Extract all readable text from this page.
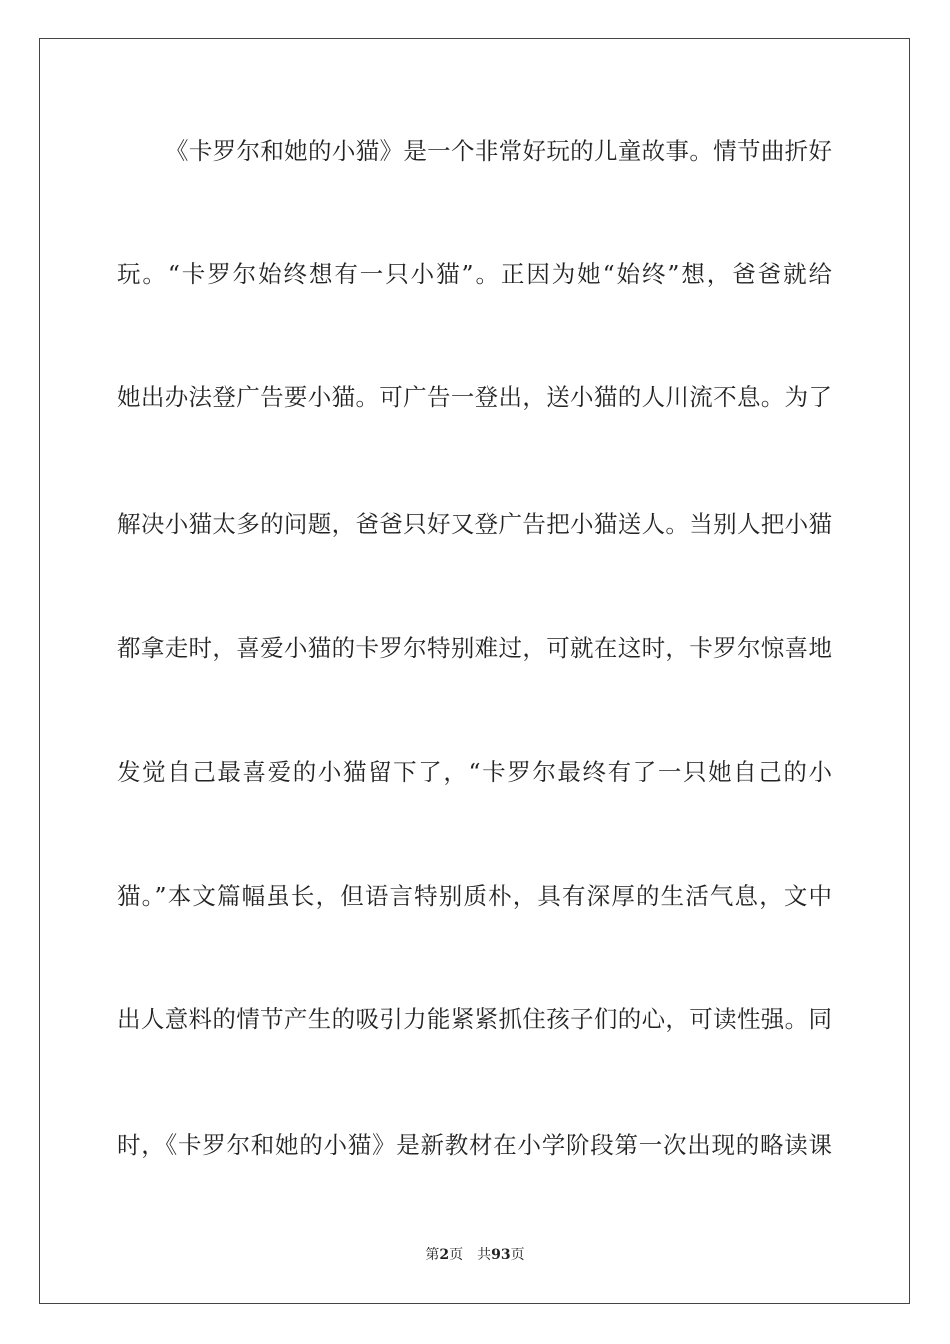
《卡罗尔和她的小猫》是一个非常好玩的儿童故事。情节曲折好
玩。“卡罗尔始终想有一只小猫”。正因为她“始终”想，爸爸就给
她出办法登广告要小猫。可广告一登出，送小猫的人川流不息。为了
解决小猫太多的问题，爸爸只好又登广告把小猫送人。当别人把小猫
都拿走时，喜爱小猫的卡罗尔特别难过，可就在这时，卡罗尔惊喜地
发觉自己最喜爱的小猫留下了，“卡罗尔最终有了一只她自己的小
猫。”本文篇幅虽长，但语言特别质朴，具有深厚的生活气息，文中
出人意料的情节产生的吸引力能紧紧抓住孩子们的心，可读性强。同
时，《卡罗尔和她的小猫》是新教材在小学阶段第一次出现的略读课
第2页 共93页
